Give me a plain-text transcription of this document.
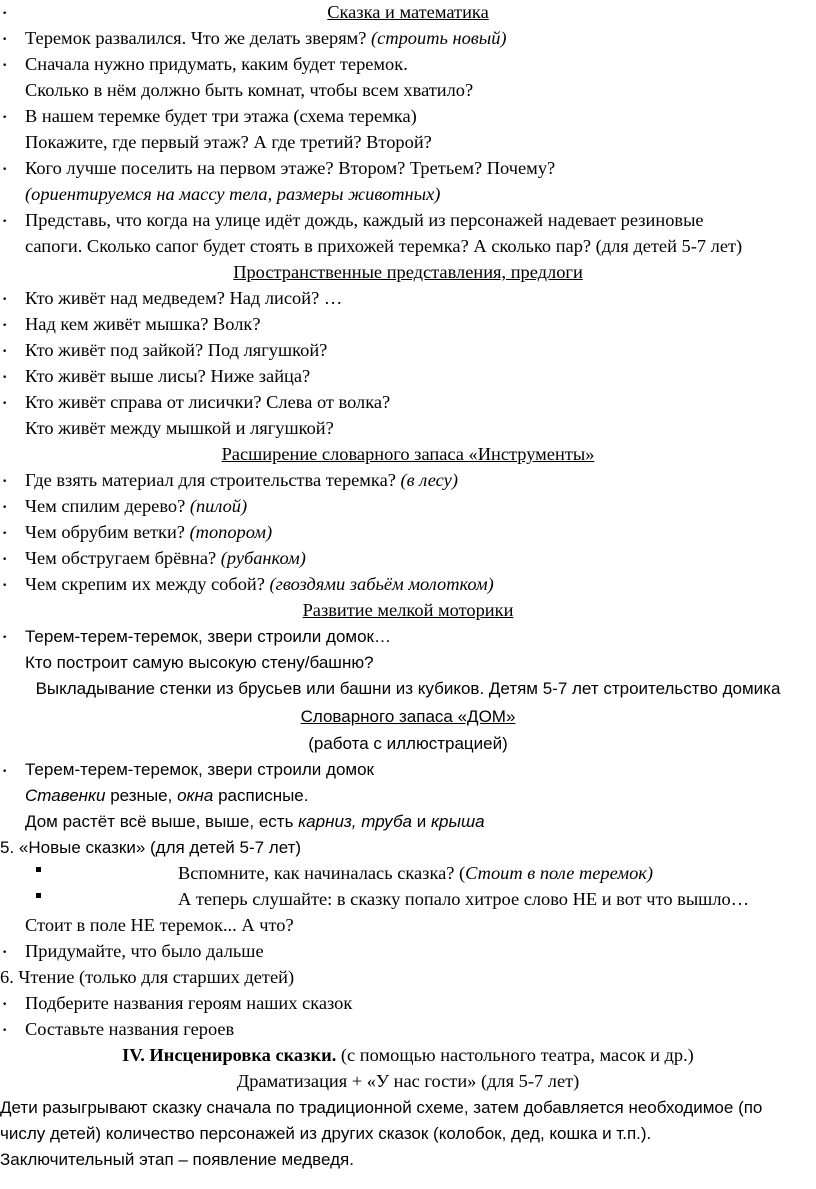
Сказка и математика
•
Теремок развалился. Что же делать зверям? (строить новый)
•
• Сначала нужно придумать, каким будет теремок.
Сколько в нём должно быть комнат, чтобы всем хватило?
• В нашем теремке будет три этажа (схема теремка)
Покажите, где первый этаж? А где третий? Второй?
• Кого лучше поселить на первом этаже? Втором? Третьем? Почему?
(ориентируемся на массу тела, размеры животных)
• Представь, что когда на улице идёт дождь, каждый из персонажей надевает резиновые
сапоги. Сколько сапог будет стоять в прихожей теремка? А сколько пар? (для детей 5-7 лет)
Пространственные представления, предлоги
• Кто живёт над медведем? Над лисой? …
• Над кем живёт мышка? Волк?
• Кто живёт под зайкой? Под лягушкой?
• Кто живёт выше лисы? Ниже зайца?
• Кто живёт справа от лисички? Слева от волка?
Кто живёт между мышкой и лягушкой?
Расширение словарного запаса «Инструменты»
• Где взять материал для строительства теремка? (в лесу)
• Чем спилим дерево? (пилой)
• Чем обрубим ветки? (топором)
• Чем обстругаем брёвна? (рубанком)
• Чем скрепим их между собой? (гвоздями забьём молотком)
Развитие мелкой моторики
• Терем-терем-теремок, звери строили домок…
Кто построит самую высокую стену/башню?
Выкладывание стенки из брусьев или башни из кубиков. Детям 5-7 лет строительство домика
Словарного запаса «ДОМ»
(работа с иллюстрацией)
• Терем-терем-теремок, звери строили домок
Ставенки резные, окна расписные.
Дом растёт всё выше, выше, есть карниз, труба и крыша
5. «Новые сказки» (для детей 5-7 лет)
Вспомните, как начиналась сказка? (Стоит в поле теремок)
А теперь слушайте: в сказку попало хитрое слово НЕ и вот что вышло…
Стоит в поле НЕ теремок... А что?
• Придумайте, что было дальше
6. Чтение (только для старших детей)
• Подберите названия героям наших сказок
• Составьте названия героев
IV. Инсценировка сказки. (с помощью настольного театра, масок и др.)
Драматизация + «У нас гости» (для 5-7 лет)
Дети разыгрывают сказку сначала по традиционной схеме, затем добавляется необходимое (по
числу детей) количество персонажей из других сказок (колобок, дед, кошка и т.п.).
Заключительный этап – появление медведя.
